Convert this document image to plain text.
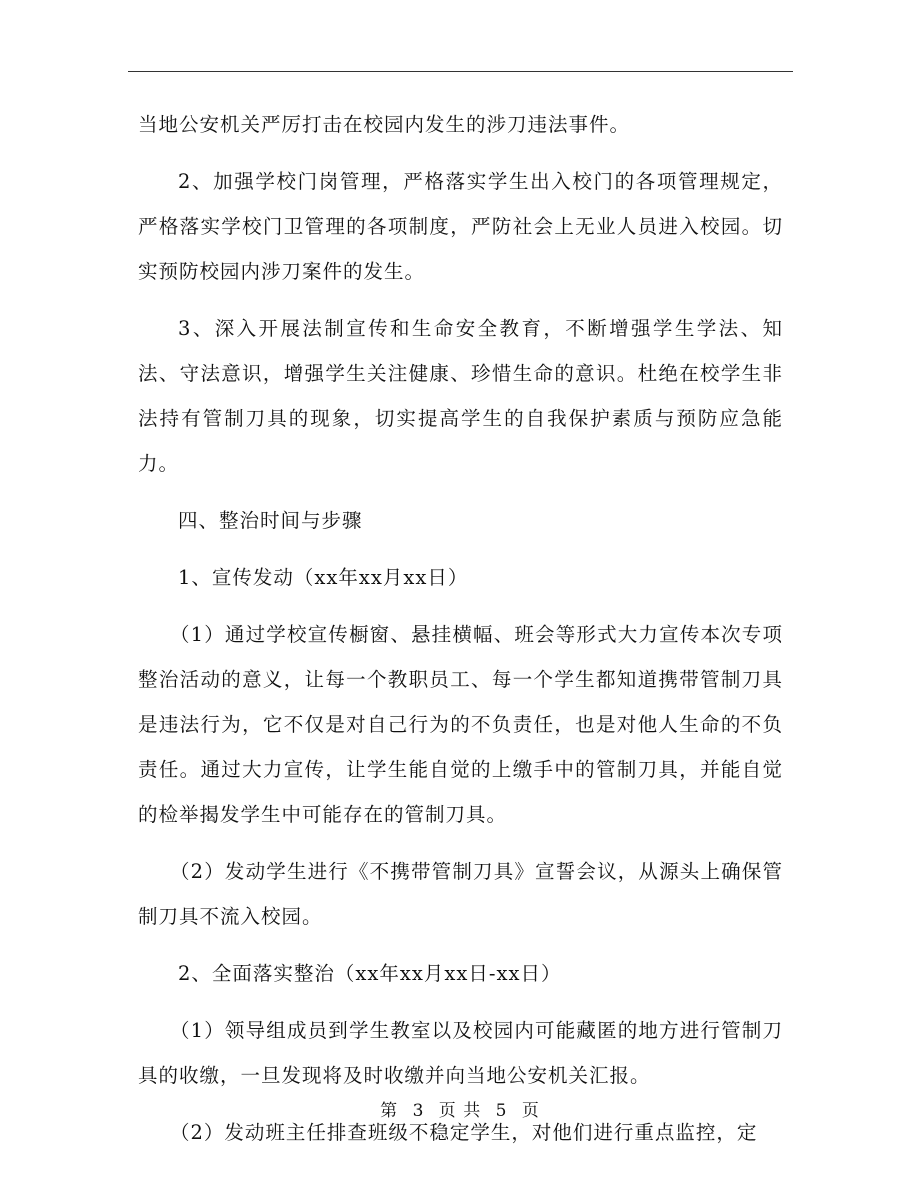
当地公安机关严厉打击在校园内发生的涉刀违法事件。

2、加强学校门岗管理，严格落实学生出入校门的各项管理规定，严格落实学校门卫管理的各项制度，严防社会上无业人员进入校园。切实预防校园内涉刀案件的发生。

3、深入开展法制宣传和生命安全教育，不断增强学生学法、知法、守法意识，增强学生关注健康、珍惜生命的意识。杜绝在校学生非法持有管制刀具的现象，切实提高学生的自我保护素质与预防应急能力。

四、整治时间与步骤

1、宣传发动（xx年xx月xx日）

（1）通过学校宣传橱窗、悬挂横幅、班会等形式大力宣传本次专项整治活动的意义，让每一个教职员工、每一个学生都知道携带管制刀具是违法行为，它不仅是对自己行为的不负责任，也是对他人生命的不负责任。通过大力宣传，让学生能自觉的上缴手中的管制刀具，并能自觉的检举揭发学生中可能存在的管制刀具。

（2）发动学生进行《不携带管制刀具》宣誓会议，从源头上确保管制刀具不流入校园。

2、全面落实整治（xx年xx月xx日-xx日）

（1）领导组成员到学生教室以及校园内可能藏匿的地方进行管制刀具的收缴，一旦发现将及时收缴并向当地公安机关汇报。

（2）发动班主任排查班级不稳定学生，对他们进行重点监控，定

第 3 页 共 5 页
